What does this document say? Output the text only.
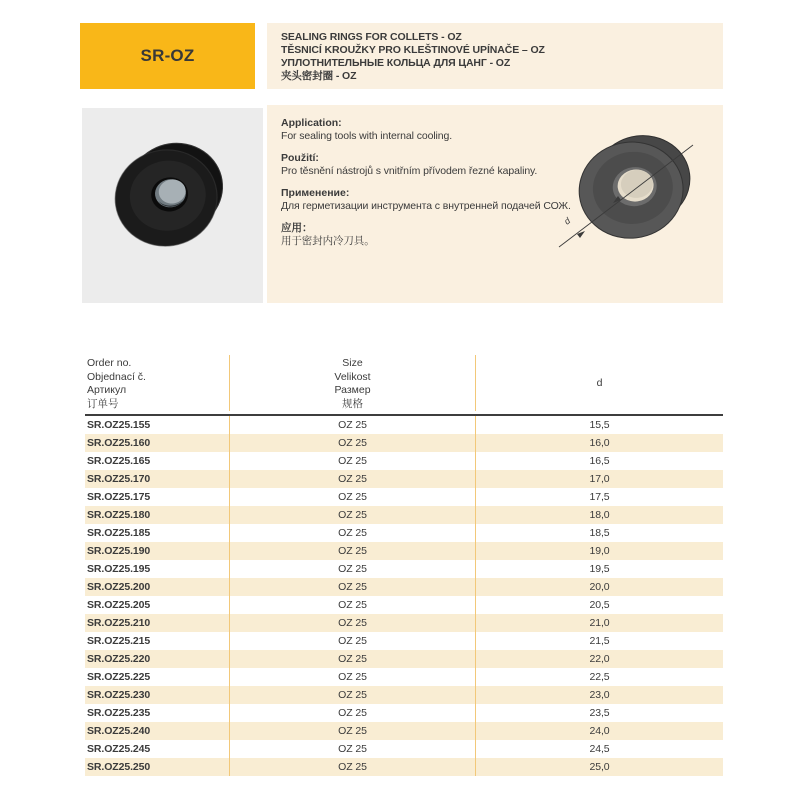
SR-OZ
SEALING RINGS FOR COLLETS - OZ
TĚSNICÍ KROUŽKY PRO KLEŠTINOVÉ UPÍNAČE – OZ
УПЛОТНИТЕЛЬНЫЕ КОЛЬЦА ДЛЯ ЦАНГ - OZ
夹头密封圈 - OZ
Application:
For sealing tools with internal cooling.
Použití:
Pro těsnění nástrojů s vnitřním přívodem řezné kapaliny.
Применение:
Для герметизации инструмента с внутренней подачей СОЖ.
应用：
用于密封内冷刀具。
d
Order no.
Objednací č.
Артикул
订单号
Size
Velikost
Размер
规格
d
SR.OZ25.155	OZ 25	15,5
SR.OZ25.160	OZ 25	16,0
SR.OZ25.165	OZ 25	16,5
SR.OZ25.170	OZ 25	17,0
SR.OZ25.175	OZ 25	17,5
SR.OZ25.180	OZ 25	18,0
SR.OZ25.185	OZ 25	18,5
SR.OZ25.190	OZ 25	19,0
SR.OZ25.195	OZ 25	19,5
SR.OZ25.200	OZ 25	20,0
SR.OZ25.205	OZ 25	20,5
SR.OZ25.210	OZ 25	21,0
SR.OZ25.215	OZ 25	21,5
SR.OZ25.220	OZ 25	22,0
SR.OZ25.225	OZ 25	22,5
SR.OZ25.230	OZ 25	23,0
SR.OZ25.235	OZ 25	23,5
SR.OZ25.240	OZ 25	24,0
SR.OZ25.245	OZ 25	24,5
SR.OZ25.250	OZ 25	25,0
